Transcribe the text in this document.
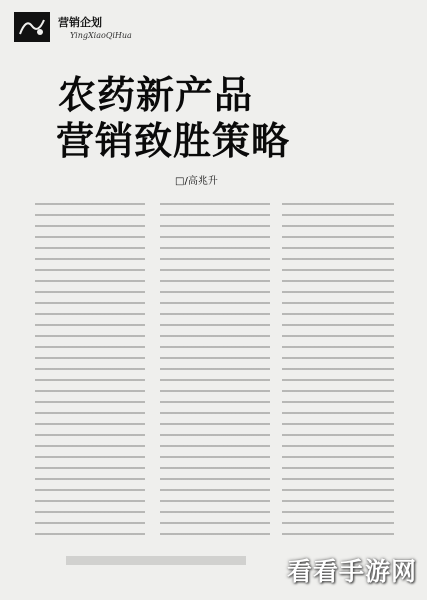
营销企划
YingXiaoQiHua
农药新产品
营销致胜策略
□/高兆升
看看手游网
